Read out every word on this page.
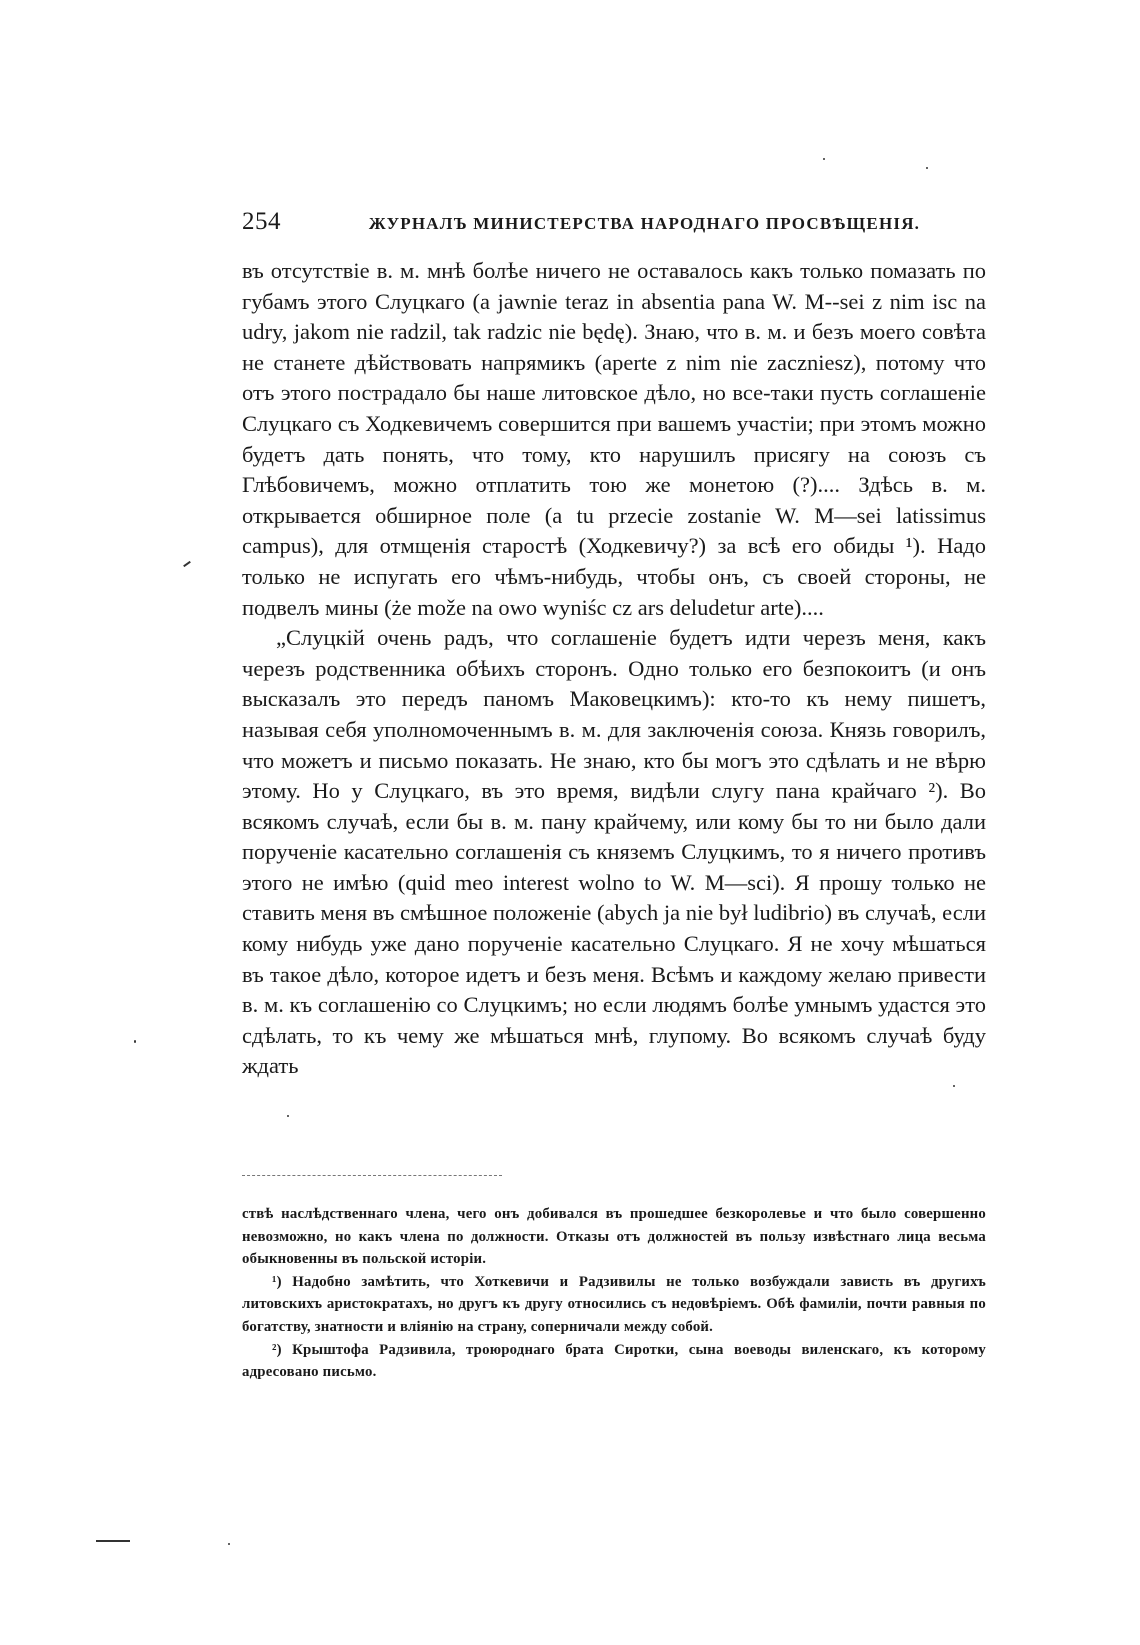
254	ЖУРНАЛЪ МИНИСТЕРСТВА НАРОДНАГО ПРОСВѢЩЕНІЯ.

въ отсутствіе в. м. мнѣ болѣе ничего не оставалось какъ только помазать по губамъ этого Слуцкаго (a jawnie teraz in absentia pana W. M--sei z nim isc na udry, jakom nie radzil, tak radzic nie będę). Знаю, что в. м. и безъ моего совѣта не станете дѣйствовать напрямикъ (aperte z nim nie zaczniesz), потому что отъ этого пострадало бы наше литовское дѣло, но все-таки пусть соглашеніе Слуцкаго съ Ходкевичемъ совершится при вашемъ участіи; при этомъ можно будетъ дать понять, что тому, кто нарушилъ присягу на союзъ съ Глѣбовичемъ, можно отплатить тою же монетою (?).... Здѣсь в. м. открывается обширное поле (a tu przecie zostanie W. M—sei latissimus campus), для отмщенія старостѣ (Ходкевичу?) за всѣ его обиды ¹). Надо только не испугать его чѣмъ-нибудь, чтобы онъ, съ своей стороны, не подвелъ мины (że može na owo wyniśc cz ars deludetur arte)....

„Слуцкій очень радъ, что соглашеніе будетъ идти черезъ меня, какъ черезъ родственника обѣихъ сторонъ. Одно только его безпокоитъ (и онъ высказалъ это передъ паномъ Маковецкимъ): кто-то къ нему пишетъ, называя себя уполномоченнымъ в. м. для заключенія союза. Князь говорилъ, что можетъ и письмо показать. Не знаю, кто бы могъ это сдѣлать и не вѣрю этому. Но у Слуцкаго, въ это время, видѣли слугу пана крайчаго ²). Во всякомъ случаѣ, если бы в. м. пану крайчему, или кому бы то ни было дали порученіе касательно соглашенія съ княземъ Слуцкимъ, то я ничего противъ этого не имѣю (quid meo interest wolno to W. M—sci). Я прошу только не ставить меня въ смѣшное положеніе (abych ja nie był ludibrio) въ случаѣ, если кому нибудь уже дано порученіе касательно Слуцкаго. Я не хочу мѣшаться въ такое дѣло, которое идетъ и безъ меня. Всѣмъ и каждому желаю привести в. м. къ соглашенію со Слуцкимъ; но если людямъ болѣе умнымъ удастся это сдѣлать, то къ чему же мѣшаться мнѣ, глупому. Во всякомъ случаѣ буду ждать

ствѣ наслѣдственнаго члена, чего онъ добивался въ прошедшее безкоролевье и что было совершенно невозможно, но какъ члена по должности. Отказы отъ должностей въ пользу извѣстнаго лица весьма обыкновенны въ польской исторіи.

¹) Надобно замѣтить, что Хоткевичи и Радзивилы не только возбуждали зависть въ другихъ литовскихъ аристократахъ, но другъ къ другу относились съ недовѣріемъ. Обѣ фамиліи, почти равныя по богатству, знатности и вліянію на страну, соперничали между собой.

²) Крыштофа Радзивила, троюроднаго брата Сиротки, сына воеводы виленскаго, къ которому адресовано письмо.
